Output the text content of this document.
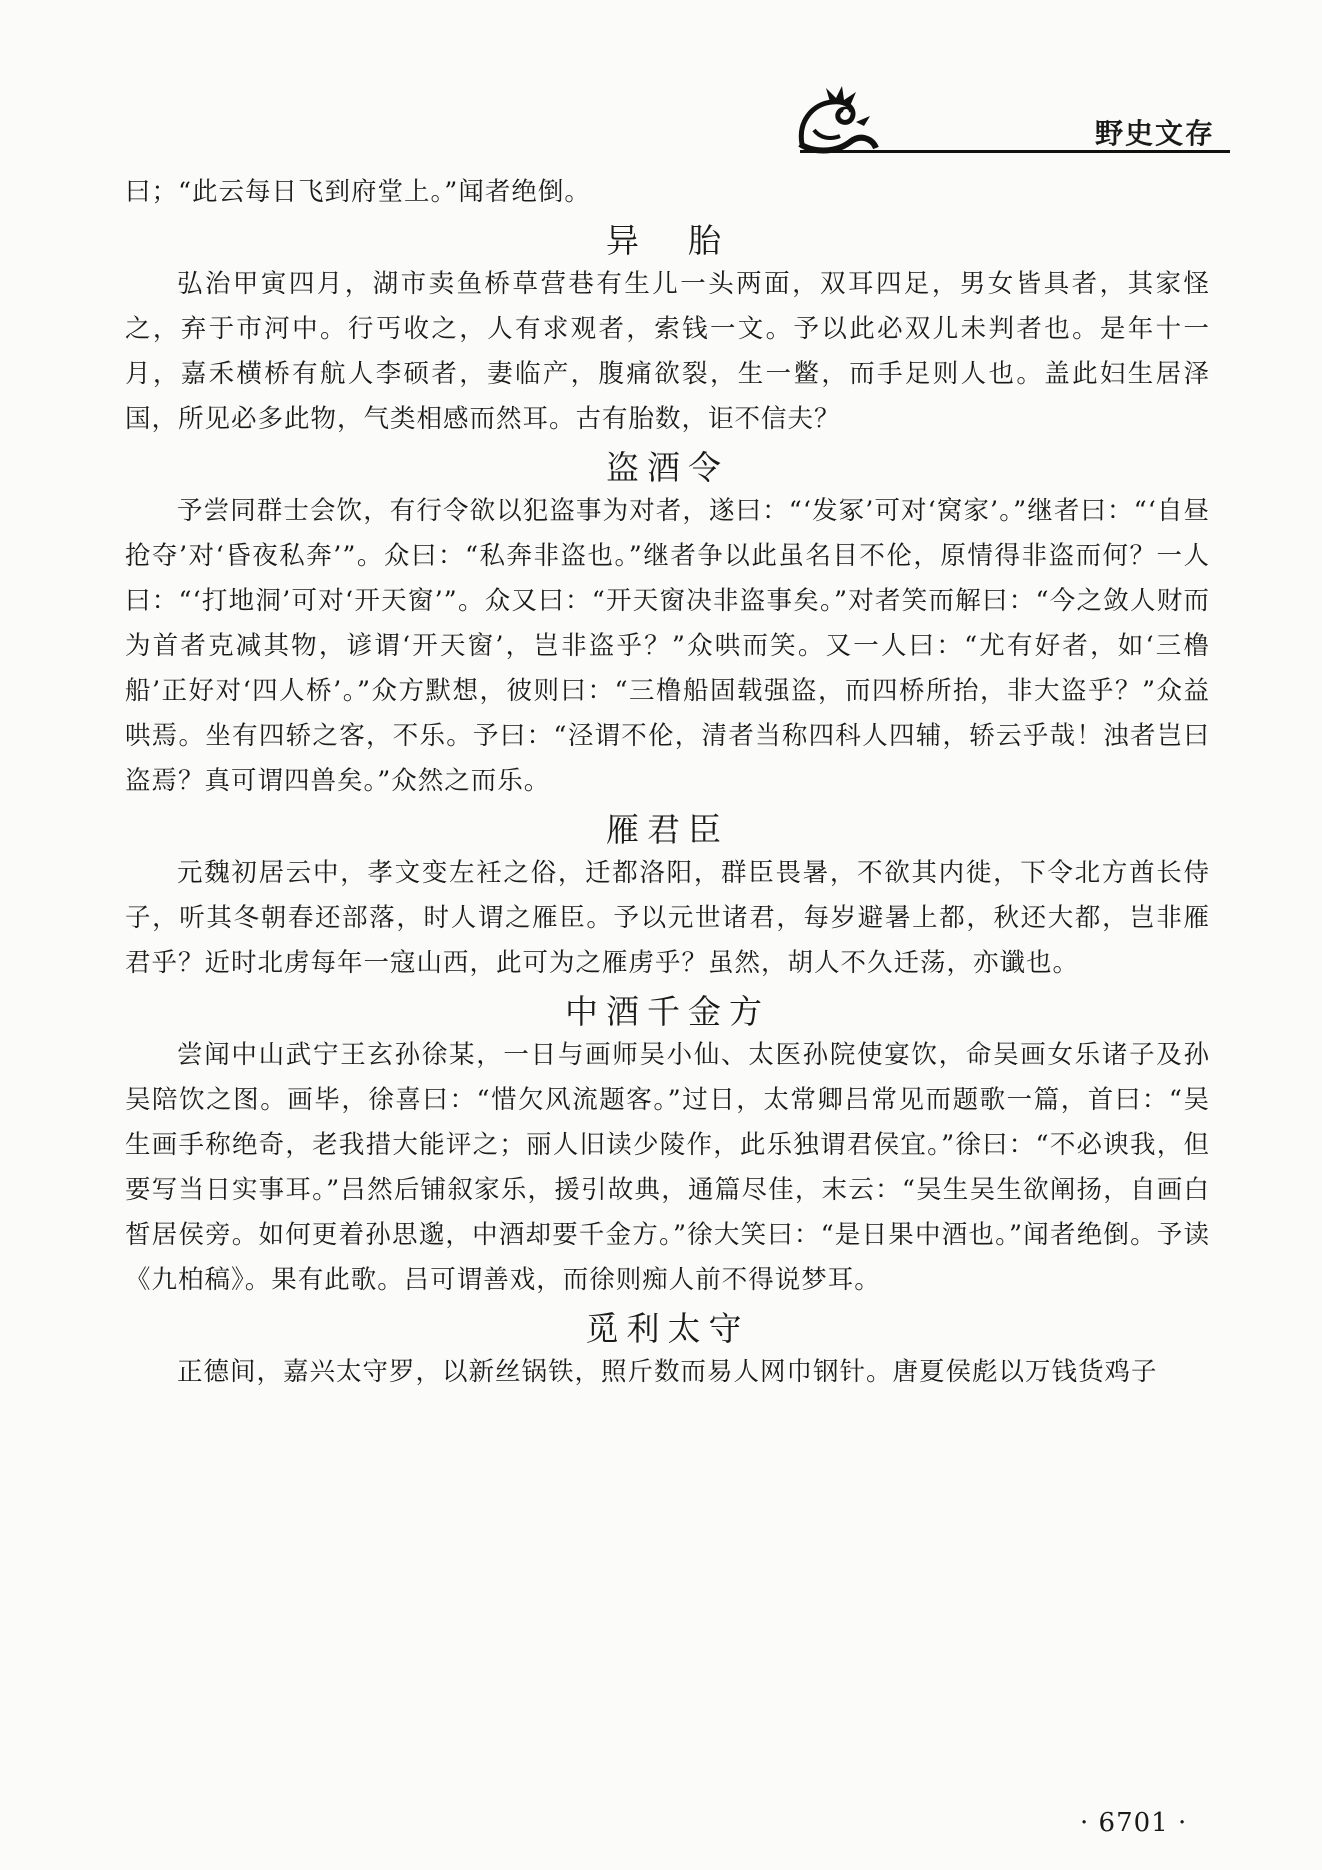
野史文存

曰；“此云每日飞到府堂上。”闻者绝倒。

异　胎

弘治甲寅四月，湖市卖鱼桥草营巷有生儿一头两面，双耳四足，男女皆具者，其家怪之，弃于市河中。行丐收之，人有求观者，索钱一文。予以此必双儿未判者也。是年十一月，嘉禾横桥有航人李硕者，妻临产，腹痛欲裂，生一鳖，而手足则人也。盖此妇生居泽国，所见必多此物，气类相感而然耳。古有胎数，讵不信夫？

盗酒令

予尝同群士会饮，有行令欲以犯盗事为对者，遂曰：“‘发冢’可对‘窝家’。”继者曰：“‘自昼抢夺’对‘昏夜私奔’”。众曰：“私奔非盗也。”继者争以此虽名目不伦，原情得非盗而何？一人曰：“‘打地洞’可对‘开天窗’”。众又曰：“开天窗决非盗事矣。”对者笑而解曰：“今之敛人财而为首者克减其物，谚谓‘开天窗’，岂非盗乎？”众哄而笑。又一人曰：“尤有好者，如‘三橹船’正好对‘四人桥’。”众方默想，彼则曰：“三橹船固载强盗，而四桥所抬，非大盗乎？”众益哄焉。坐有四轿之客，不乐。予曰：“泾谓不伦，清者当称四科人四辅，轿云乎哉！浊者岂曰盗焉？真可谓四兽矣。”众然之而乐。

雁君臣

元魏初居云中，孝文变左衽之俗，迁都洛阳，群臣畏暑，不欲其内徙，下令北方酋长侍子，听其冬朝春还部落，时人谓之雁臣。予以元世诸君，每岁避暑上都，秋还大都，岂非雁君乎？近时北虏每年一寇山西，此可为之雁虏乎？虽然，胡人不久迁荡，亦谶也。

中酒千金方

尝闻中山武宁王玄孙徐某，一日与画师吴小仙、太医孙院使宴饮，命吴画女乐诸子及孙吴陪饮之图。画毕，徐喜曰：“惜欠风流题客。”过日，太常卿吕常见而题歌一篇，首曰：“吴生画手称绝奇，老我措大能评之；丽人旧读少陵作，此乐独谓君侯宜。”徐曰：“不必谀我，但要写当日实事耳。”吕然后铺叙家乐，援引故典，通篇尽佳，末云：“吴生吴生欲阐扬，自画白皙居侯旁。如何更着孙思邈，中酒却要千金方。”徐大笑曰：“是日果中酒也。”闻者绝倒。予读《九柏稿》。果有此歌。吕可谓善戏，而徐则痴人前不得说梦耳。

觅利太守

正德间，嘉兴太守罗，以新丝锅铁，照斤数而易人网巾钢针。唐夏侯彪以万钱货鸡子

· 6701 ·
